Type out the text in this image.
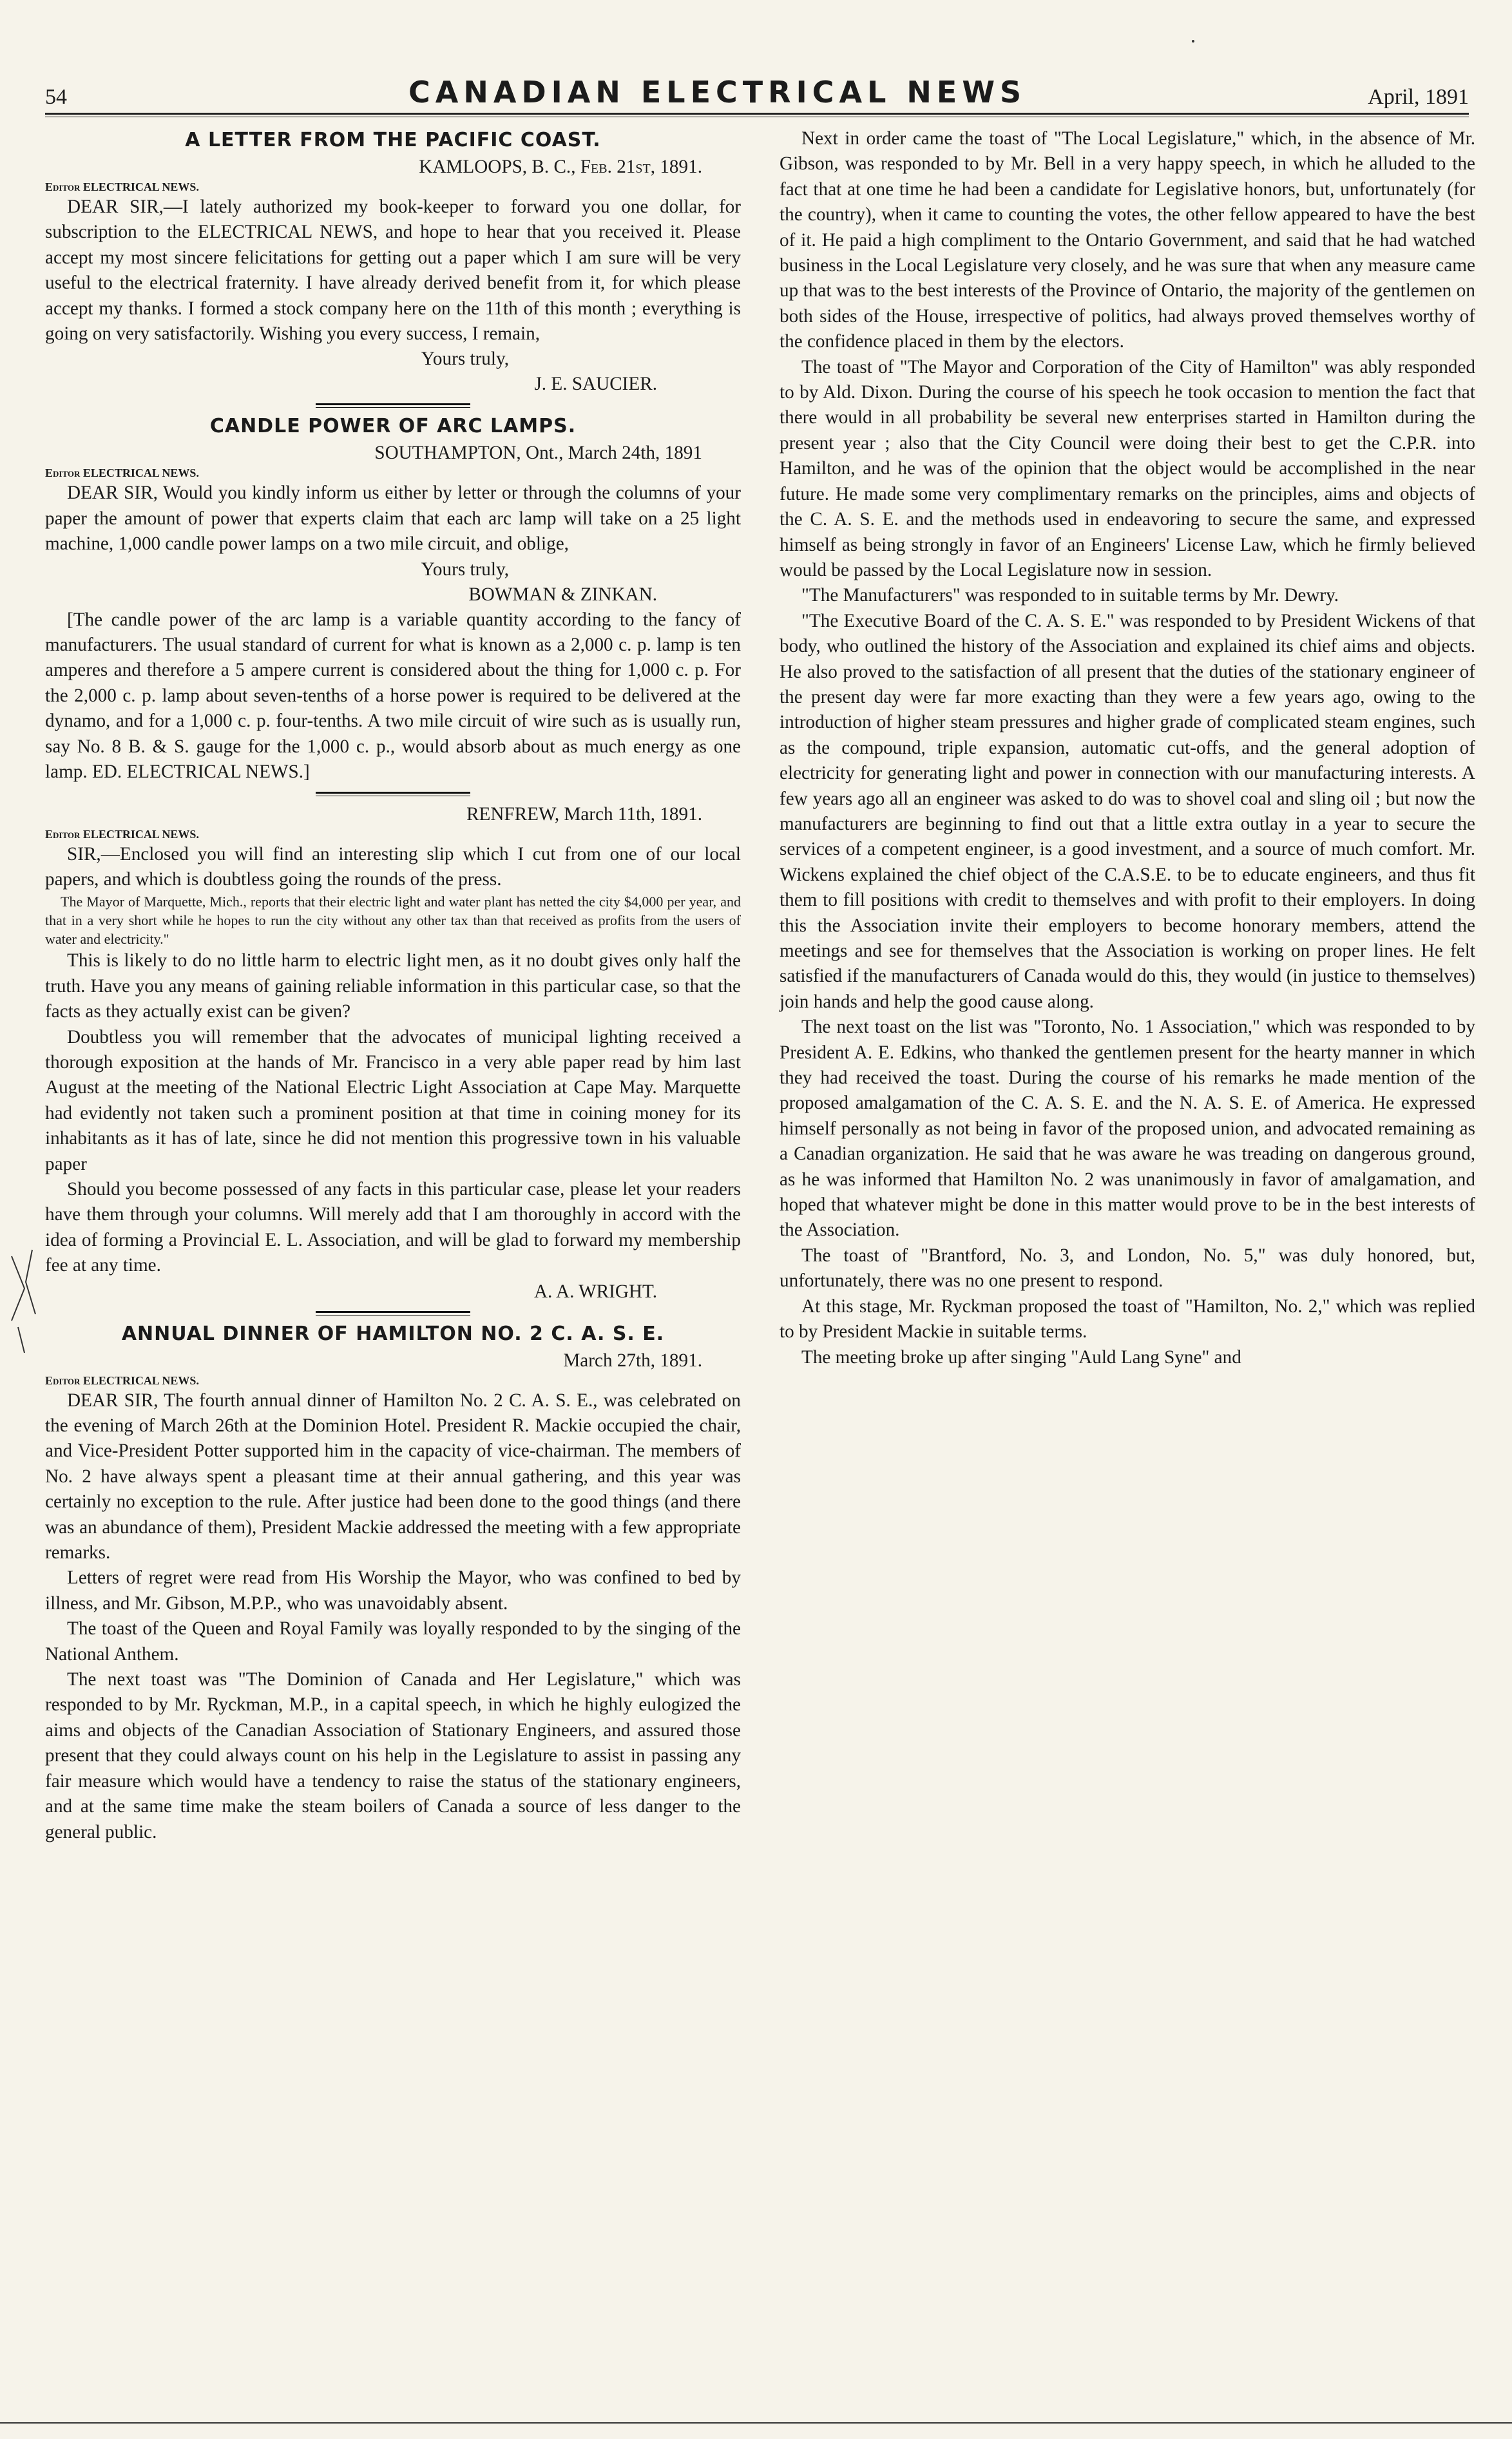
54	CANADIAN ELECTRICAL NEWS	April, 1891
A LETTER FROM THE PACIFIC COAST.
KAMLOOPS, B. C., Feb. 21st, 1891.

Editor ELECTRICAL NEWS.

DEAR SIR,—I lately authorized my book-keeper to forward you one dollar, for subscription to the ELECTRICAL NEWS, and hope to hear that you received it. Please accept my most sincere felicitations for getting out a paper which I am sure will be very useful to the electrical fraternity. I have already derived benefit from it, for which please accept my thanks. I formed a stock company here on the 11th of this month ; everything is going on very satisfactorily. Wishing you every success, I remain,

Yours truly,
J. E. SAUCIER.
CANDLE POWER OF ARC LAMPS.
SOUTHAMPTON, Ont., March 24th, 1891

Editor ELECTRICAL NEWS.

DEAR SIR, Would you kindly inform us either by letter or through the columns of your paper the amount of power that experts claim that each arc lamp will take on a 25 light machine, 1,000 candle power lamps on a two mile circuit, and oblige,

Yours truly,
BOWMAN & ZINKAN.

[The candle power of the arc lamp is a variable quantity according to the fancy of manufacturers. The usual standard of current for what is known as a 2,000 c. p. lamp is ten amperes and therefore a 5 ampere current is considered about the thing for 1,000 c. p. For the 2,000 c. p. lamp about seven-tenths of a horse power is required to be delivered at the dynamo, and for a 1,000 c. p. four-tenths. A two mile circuit of wire such as is usually run, say No. 8 B. & S. gauge for the 1,000 c. p., would absorb about as much energy as one lamp. ED. ELECTRICAL NEWS.]

RENFREW, March 11th, 1891.

Editor ELECTRICAL NEWS.

SIR,—Enclosed you will find an interesting slip which I cut from one of our local papers, and which is doubtless going the rounds of the press.

The Mayor of Marquette, Mich., reports that their electric light and water plant has netted the city $4,000 per year, and that in a very short while he hopes to run the city without any other tax than that received as profits from the users of water and electricity."

This is likely to do no little harm to electric light men, as it no doubt gives only half the truth. Have you any means of gaining reliable information in this particular case, so that the facts as they actually exist can be given?

Doubtless you will remember that the advocates of municipal lighting received a thorough exposition at the hands of Mr. Francisco in a very able paper read by him last August at the meeting of the National Electric Light Association at Cape May. Marquette had evidently not taken such a prominent position at that time in coining money for its inhabitants as it has of late, since he did not mention this progressive town in his valuable paper

Should you become possessed of any facts in this particular case, please let your readers have them through your columns. Will merely add that I am thoroughly in accord with the idea of forming a Provincial E. L. Association, and will be glad to forward my membership fee at any time.

A. A. WRIGHT.
ANNUAL DINNER OF HAMILTON NO. 2 C. A. S. E.
March 27th, 1891.

Editor ELECTRICAL NEWS.

DEAR SIR, The fourth annual dinner of Hamilton No. 2 C. A. S. E., was celebrated on the evening of March 26th at the Dominion Hotel. President R. Mackie occupied the chair, and Vice-President Potter supported him in the capacity of vice-chairman. The members of No. 2 have always spent a pleasant time at their annual gathering, and this year was certainly no exception to the rule. After justice had been done to the good things (and there was an abundance of them), President Mackie addressed the meeting with a few appropriate remarks.

Letters of regret were read from His Worship the Mayor, who was confined to bed by illness, and Mr. Gibson, M.P.P., who was unavoidably absent.

The toast of the Queen and Royal Family was loyally responded to by the singing of the National Anthem.

The next toast was "The Dominion of Canada and Her Legislature," which was responded to by Mr. Ryckman, M.P., in a capital speech, in which he highly eulogized the aims and objects of the Canadian Association of Stationary Engineers, and assured those present that they could always count on his help in the Legislature to assist in passing any fair measure which would have a tendency to raise the status of the stationary engineers, and at the same time make the steam boilers of Canada a source of less danger to the general public.

Next in order came the toast of "The Local Legislature," which, in the absence of Mr. Gibson, was responded to by Mr. Bell in a very happy speech, in which he alluded to the fact that at one time he had been a candidate for Legislative honors, but, unfortunately (for the country), when it came to counting the votes, the other fellow appeared to have the best of it. He paid a high compliment to the Ontario Government, and said that he had watched business in the Local Legislature very closely, and he was sure that when any measure came up that was to the best interests of the Province of Ontario, the majority of the gentlemen on both sides of the House, irrespective of politics, had always proved themselves worthy of the confidence placed in them by the electors.

The toast of "The Mayor and Corporation of the City of Hamilton" was ably responded to by Ald. Dixon. During the course of his speech he took occasion to mention the fact that there would in all probability be several new enterprises started in Hamilton during the present year ; also that the City Council were doing their best to get the C.P.R. into Hamilton, and he was of the opinion that the object would be accomplished in the near future. He made some very complimentary remarks on the principles, aims and objects of the C. A. S. E. and the methods used in endeavoring to secure the same, and expressed himself as being strongly in favor of an Engineers' License Law, which he firmly believed would be passed by the Local Legislature now in session.

"The Manufacturers" was responded to in suitable terms by Mr. Dewry.

"The Executive Board of the C. A. S. E." was responded to by President Wickens of that body, who outlined the history of the Association and explained its chief aims and objects. He also proved to the satisfaction of all present that the duties of the stationary engineer of the present day were far more exacting than they were a few years ago, owing to the introduction of higher steam pressures and higher grade of complicated steam engines, such as the compound, triple expansion, automatic cut-offs, and the general adoption of electricity for generating light and power in connection with our manufacturing interests. A few years ago all an engineer was asked to do was to shovel coal and sling oil ; but now the manufacturers are beginning to find out that a little extra outlay in a year to secure the services of a competent engineer, is a good investment, and a source of much comfort. Mr. Wickens explained the chief object of the C.A.S.E. to be to educate engineers, and thus fit them to fill positions with credit to themselves and with profit to their employers. In doing this the Association invite their employers to become honorary members, attend the meetings and see for themselves that the Association is working on proper lines. He felt satisfied if the manufacturers of Canada would do this, they would (in justice to themselves) join hands and help the good cause along.

The next toast on the list was "Toronto, No. 1 Association," which was responded to by President A. E. Edkins, who thanked the gentlemen present for the hearty manner in which they had received the toast. During the course of his remarks he made mention of the proposed amalgamation of the C. A. S. E. and the N. A. S. E. of America. He expressed himself personally as not being in favor of the proposed union, and advocated remaining as a Canadian organization. He said that he was aware he was treading on dangerous ground, as he was informed that Hamilton No. 2 was unanimously in favor of amalgamation, and hoped that whatever might be done in this matter would prove to be in the best interests of the Association.

The toast of "Brantford, No. 3, and London, No. 5," was duly honored, but, unfortunately, there was no one present to respond.

At this stage, Mr. Ryckman proposed the toast of "Hamilton, No. 2," which was replied to by President Mackie in suitable terms.

The meeting broke up after singing "Auld Lang Syne" and
